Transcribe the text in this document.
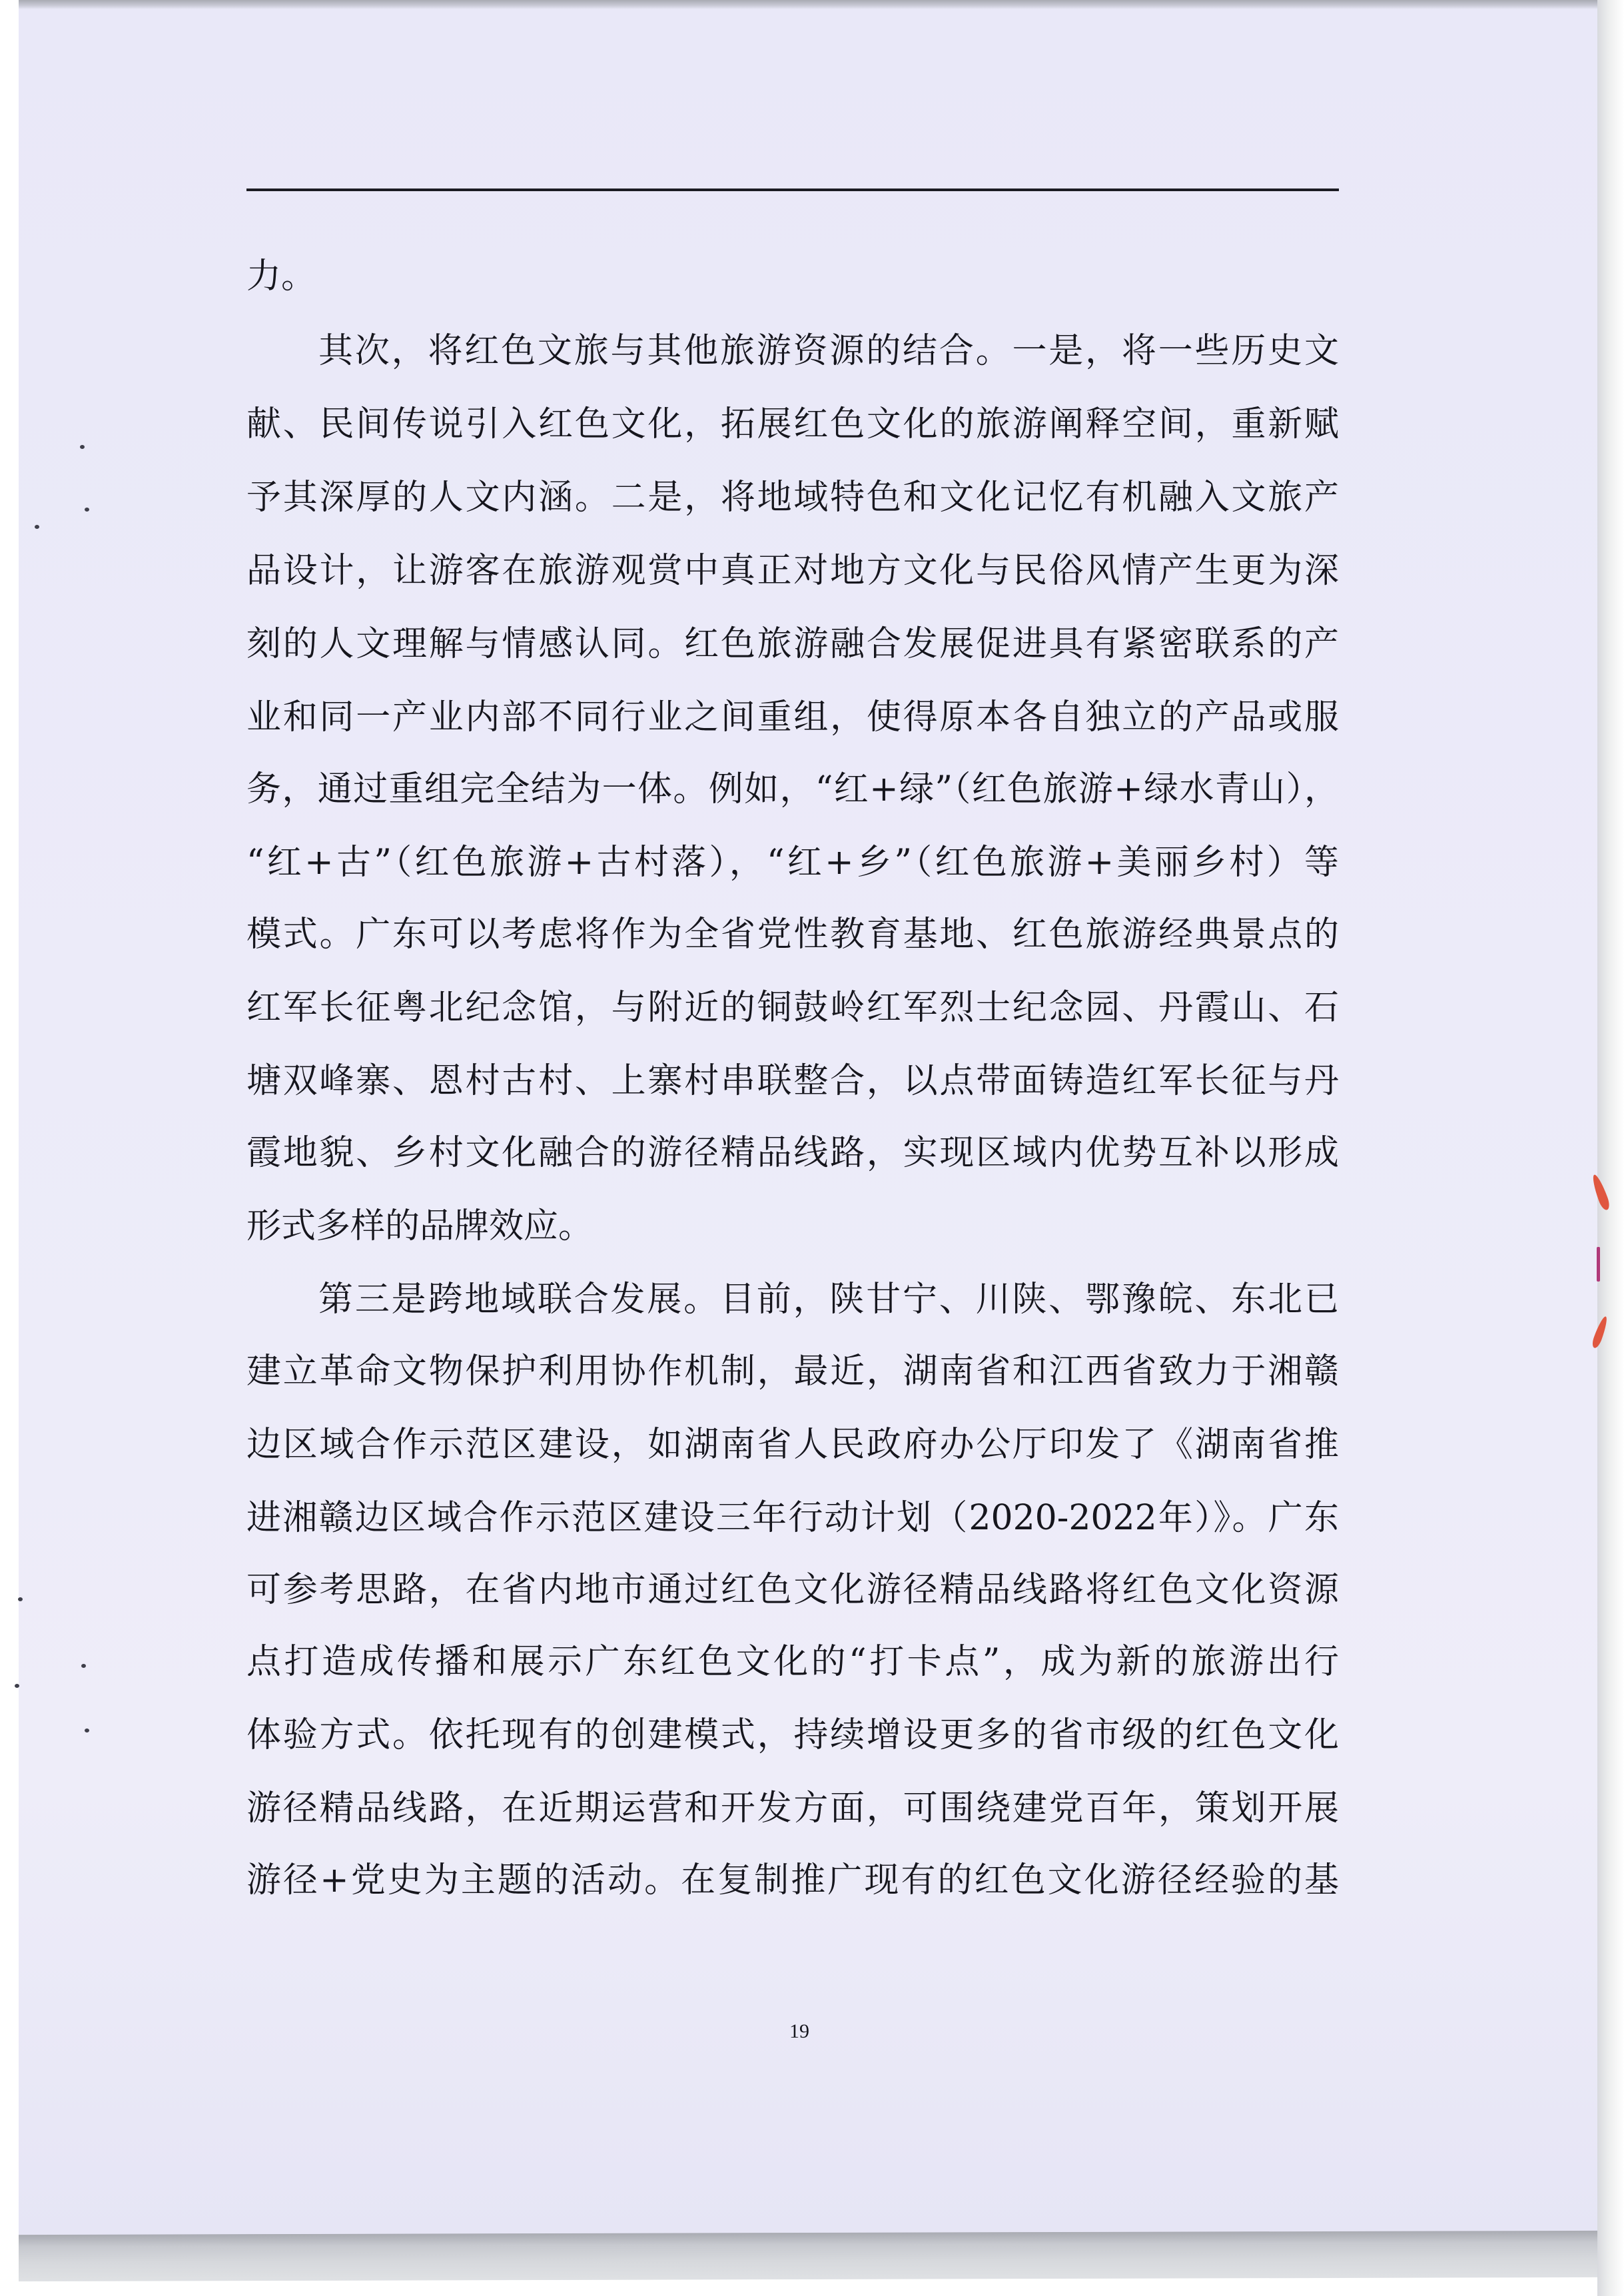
力。
其次，将红色文旅与其他旅游资源的结合。一是，将一些历史文
献、民间传说引入红色文化，拓展红色文化的旅游阐释空间，重新赋
予其深厚的人文内涵。二是，将地域特色和文化记忆有机融入文旅产
品设计，让游客在旅游观赏中真正对地方文化与民俗风情产生更为深
刻的人文理解与情感认同。红色旅游融合发展促进具有紧密联系的产
业和同一产业内部不同行业之间重组，使得原本各自独立的产品或服
务，通过重组完全结为一体。例如，“红+绿”（红色旅游+绿水青山），
“红+古”（红色旅游+古村落），“红+乡”（红色旅游+美丽乡村）等
模式。广东可以考虑将作为全省党性教育基地、红色旅游经典景点的
红军长征粤北纪念馆，与附近的铜鼓岭红军烈士纪念园、丹霞山、石
塘双峰寨、恩村古村、上寨村串联整合，以点带面铸造红军长征与丹
霞地貌、乡村文化融合的游径精品线路，实现区域内优势互补以形成
形式多样的品牌效应。
第三是跨地域联合发展。目前，陕甘宁、川陕、鄂豫皖、东北已
建立革命文物保护利用协作机制，最近，湖南省和江西省致力于湘赣
边区域合作示范区建设，如湖南省人民政府办公厅印发了《湖南省推
进湘赣边区域合作示范区建设三年行动计划（2020-2022年）》。广东
可参考思路，在省内地市通过红色文化游径精品线路将红色文化资源
点打造成传播和展示广东红色文化的“打卡点”，成为新的旅游出行
体验方式。依托现有的创建模式，持续增设更多的省市级的红色文化
游径精品线路，在近期运营和开发方面，可围绕建党百年，策划开展
游径+党史为主题的活动。在复制推广现有的红色文化游径经验的基
19
